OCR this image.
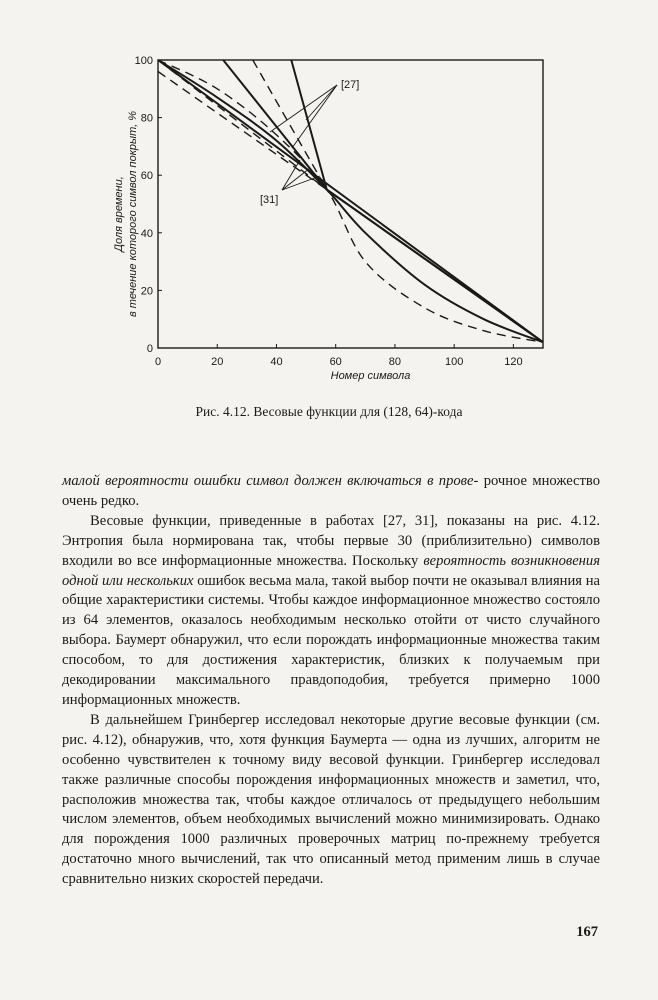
0	20	40	60	80	100	120
0
20
40
60
80
100
Номер символа
Доля времени, в течение которого символ покрыт, %
[27]
[31]
Рис. 4.12. Весовые функции для (128, 64)-кода

малой вероятности ошибки символ должен включаться в прове- рочное множество очень редко.

Весовые функции, приведенные в работах [27, 31], показаны на рис. 4.12. Энтропия была нормирована так, чтобы первые 30 (приблизительно) символов входили во все информационные множества. Поскольку вероятность возникновения одной или нескольких ошибок весьма мала, такой выбор почти не оказывал влияния на общие характеристики системы. Чтобы каждое информационное множество состояло из 64 элементов, оказалось необходимым несколько отойти от чисто случайного выбора. Баумерт обнаружил, что если порождать информационные множества таким способом, то для достижения характеристик, близких к получаемым при декодировании максимального правдоподобия, требуется примерно 1000 информационных множеств.

В дальнейшем Гринбергер исследовал некоторые другие весовые функции (см. рис. 4.12), обнаружив, что, хотя функция Баумерта — одна из лучших, алгоритм не особенно чувствителен к точному виду весовой функции. Гринбергер исследовал также различные способы порождения информационных множеств и заметил, что, расположив множества так, чтобы каждое отличалось от предыдущего небольшим числом элементов, объем необходимых вычислений можно минимизировать. Однако для порождения 1000 различных проверочных матриц по-прежнему требуется достаточно много вычислений, так что описанный метод применим лишь в случае сравнительно низких скоростей передачи.

167
